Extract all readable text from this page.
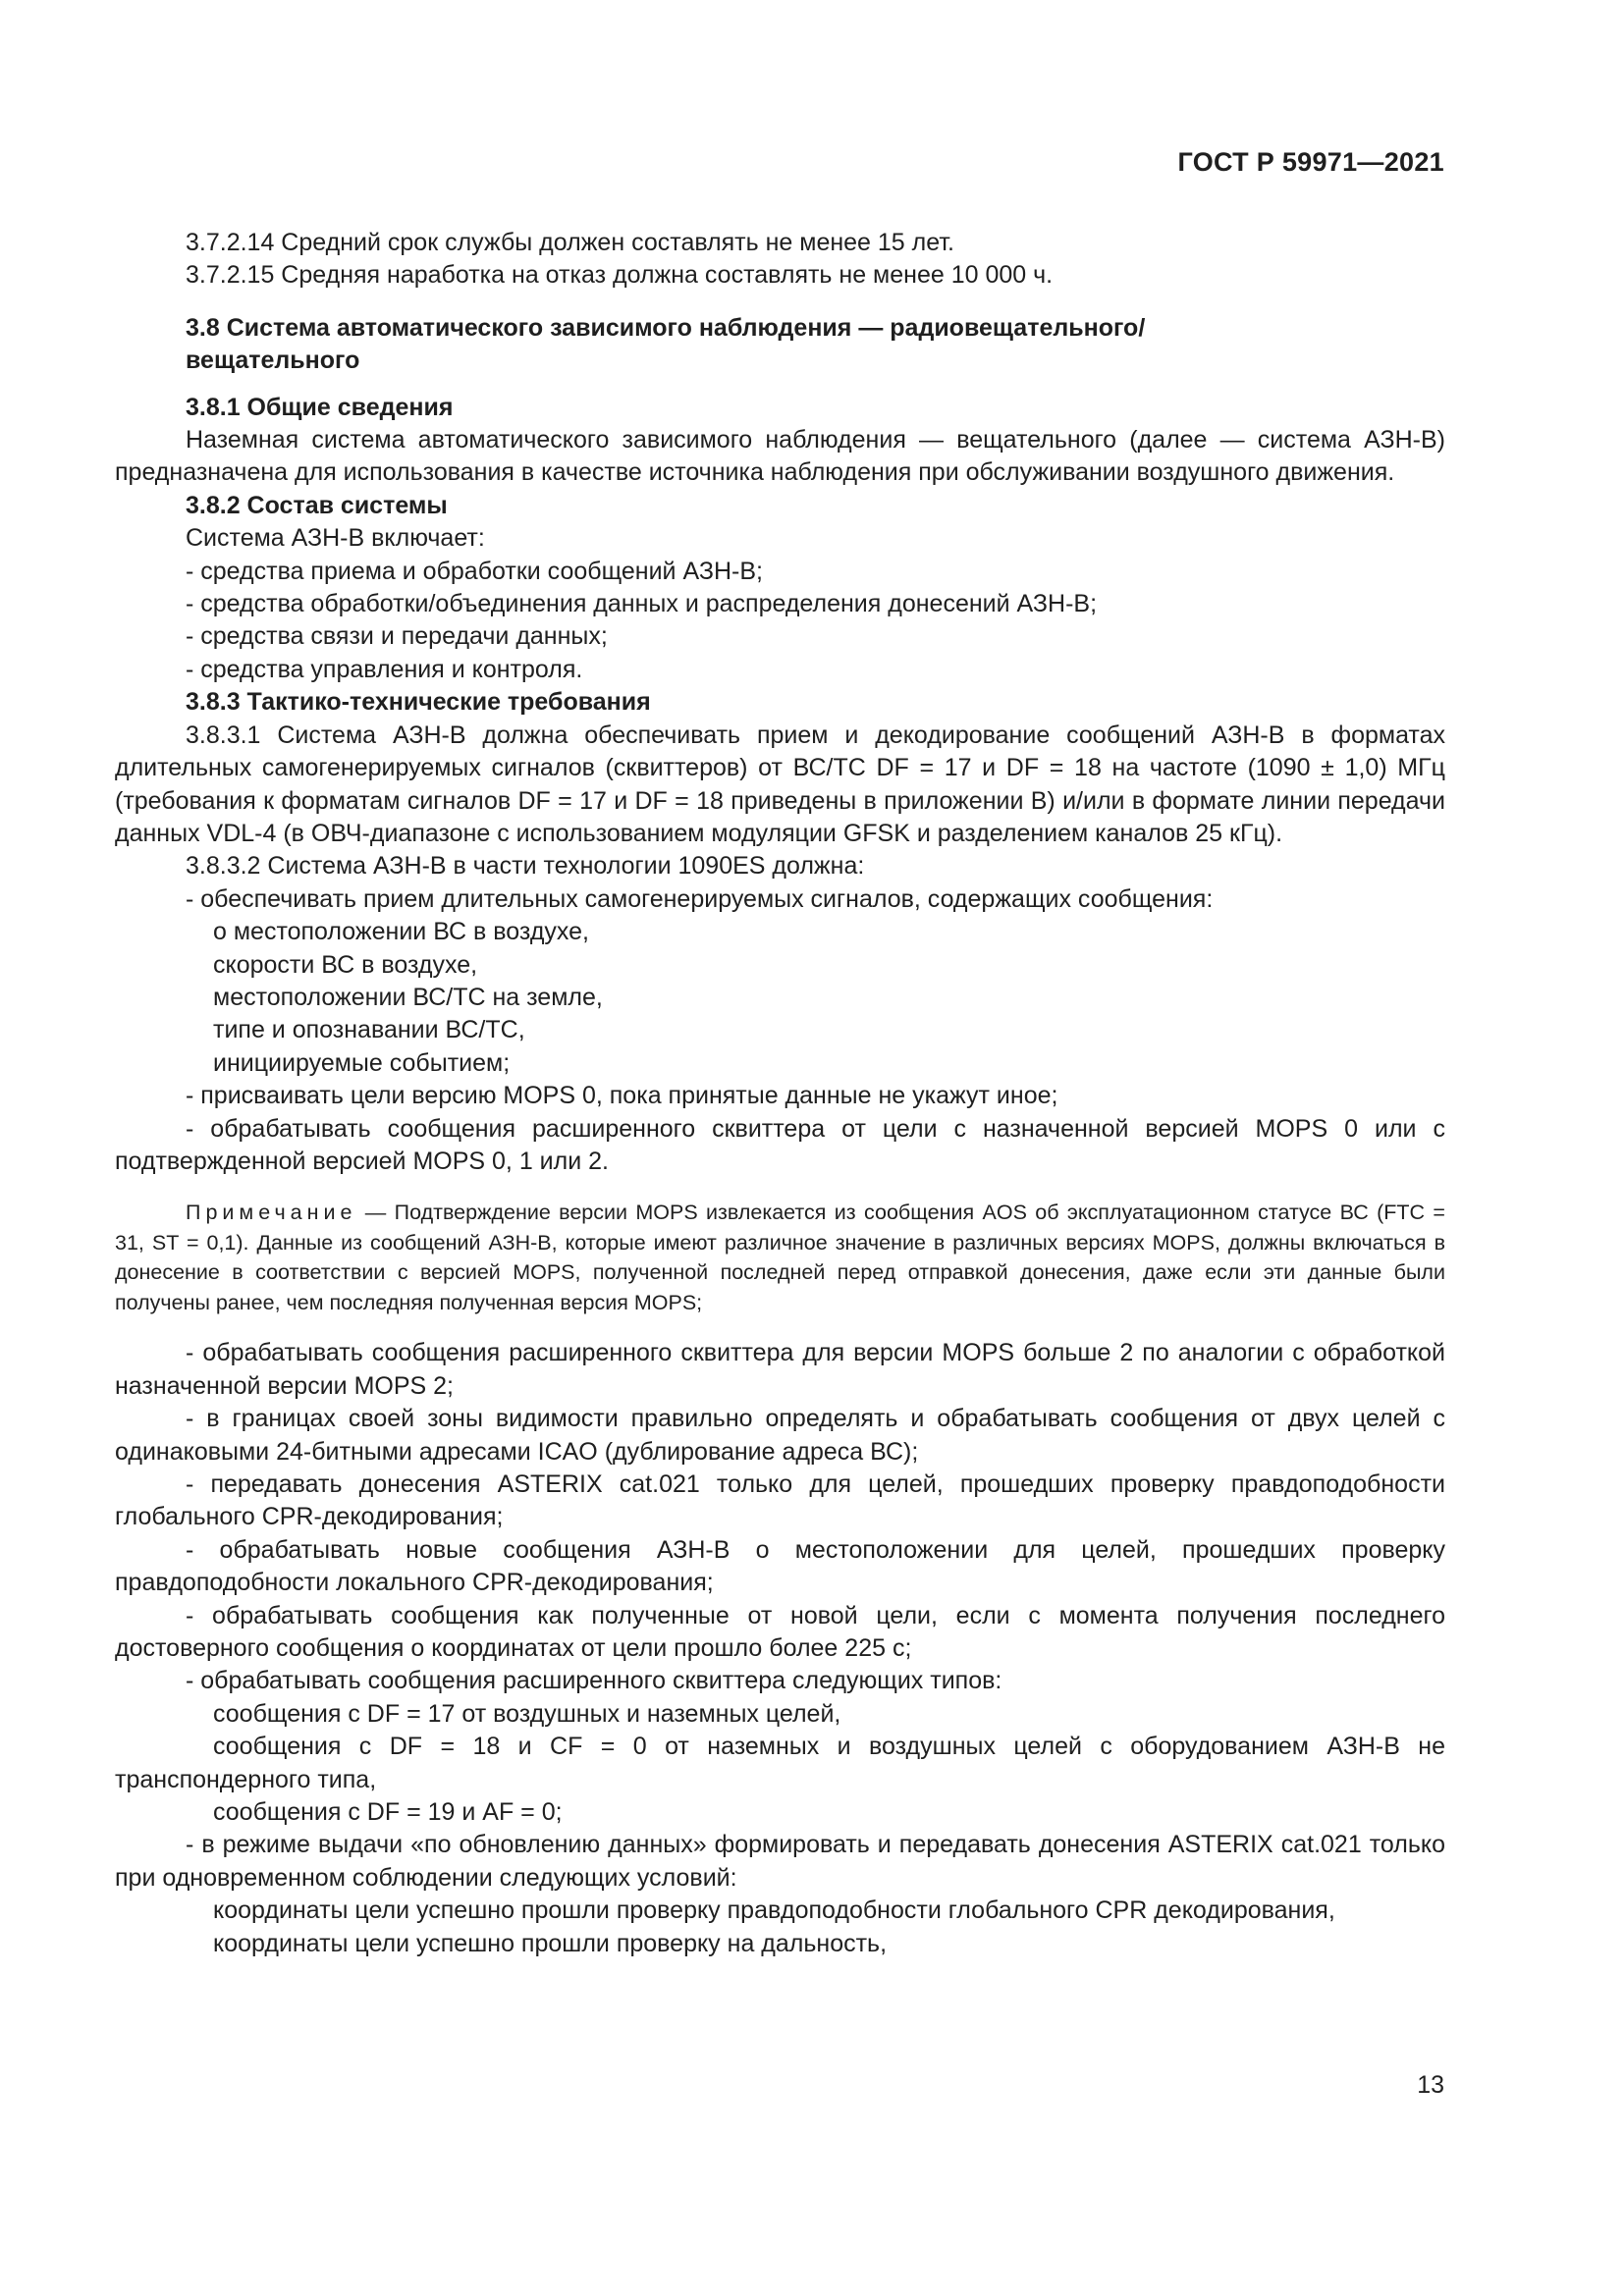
ГОСТ Р 59971—2021

3.7.2.14 Средний срок службы должен составлять не менее 15 лет.

3.7.2.15 Средняя наработка на отказ должна составлять не менее 10 000 ч.

3.8 Система автоматического зависимого наблюдения — радиовещательного/ вещательного

3.8.1 Общие сведения

Наземная система автоматического зависимого наблюдения — вещательного (далее — система АЗН-В) предназначена для использования в качестве источника наблюдения при обслуживании воздушного движения.

3.8.2 Состав системы

Система АЗН-В включает:

- средства приема и обработки сообщений АЗН-В;

- средства обработки/объединения данных и распределения донесений АЗН-В;

- средства связи и передачи данных;

- средства управления и контроля.

3.8.3 Тактико-технические требования

3.8.3.1 Система АЗН-В должна обеспечивать прием и декодирование сообщений АЗН-В в форматах длительных самогенерируемых сигналов (сквиттеров) от ВС/ТС DF = 17 и DF = 18 на частоте (1090 ± 1,0) МГц (требования к форматам сигналов DF = 17 и DF = 18 приведены в приложении В) и/или в формате линии передачи данных VDL-4 (в ОВЧ-диапазоне с использованием модуляции GFSK и разделением каналов 25 кГц).

3.8.3.2 Система АЗН-В в части технологии 1090ES должна:

- обеспечивать прием длительных самогенерируемых сигналов, содержащих сообщения:

о местоположении ВС в воздухе,

скорости ВС в воздухе,

местоположении ВС/ТС на земле,

типе и опознавании ВС/ТС,

инициируемые событием;

- присваивать цели версию MOPS 0, пока принятые данные не укажут иное;

- обрабатывать сообщения расширенного сквиттера от цели с назначенной версией MOPS 0 или с подтвержденной версией MOPS 0, 1 или 2.

Примечание — Подтверждение версии MOPS извлекается из сообщения AOS об эксплуатационном статусе ВС (FTC = 31, ST = 0,1). Данные из сообщений АЗН-В, которые имеют различное значение в различных версиях MOPS, должны включаться в донесение в соответствии с версией MOPS, полученной последней перед отправкой донесения, даже если эти данные были получены ранее, чем последняя полученная версия MOPS;

- обрабатывать сообщения расширенного сквиттера для версии MOPS больше 2 по аналогии с обработкой назначенной версии MOPS 2;

- в границах своей зоны видимости правильно определять и обрабатывать сообщения от двух целей с одинаковыми 24-битными адресами ICAO (дублирование адреса ВС);

- передавать донесения ASTERIX cat.021 только для целей, прошедших проверку правдоподобности глобального CPR-декодирования;

- обрабатывать новые сообщения АЗН-В о местоположении для целей, прошедших проверку правдоподобности локального CPR-декодирования;

- обрабатывать сообщения как полученные от новой цели, если с момента получения последнего достоверного сообщения о координатах от цели прошло более 225 с;

- обрабатывать сообщения расширенного сквиттера следующих типов:

сообщения с DF = 17 от воздушных и наземных целей,

сообщения с DF = 18 и CF = 0 от наземных и воздушных целей с оборудованием АЗН-В не транспондерного типа,

сообщения с DF = 19 и AF = 0;

- в режиме выдачи «по обновлению данных» формировать и передавать донесения ASTERIX cat.021 только при одновременном соблюдении следующих условий:

координаты цели успешно прошли проверку правдоподобности глобального CPR декодирования,

координаты цели успешно прошли проверку на дальность,

13
